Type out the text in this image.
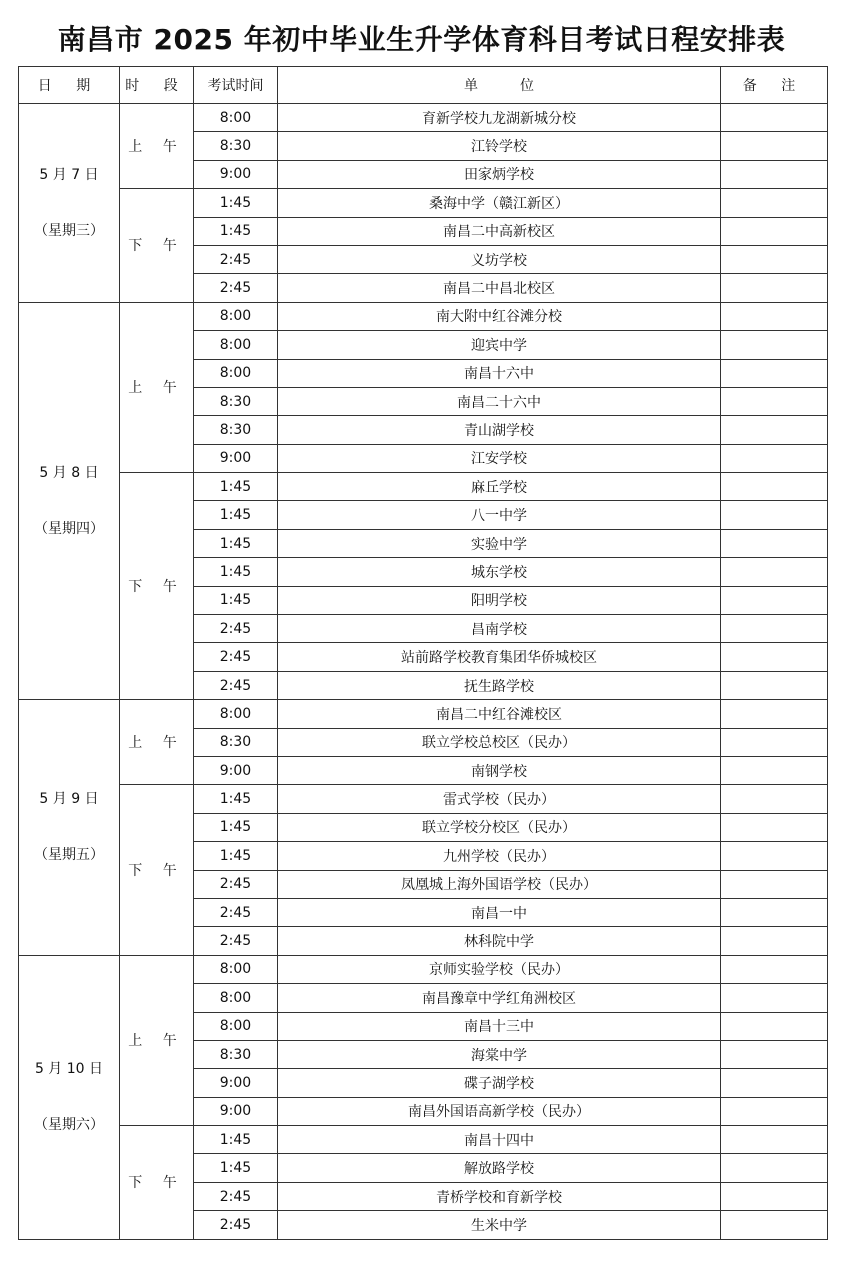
南昌市 2025 年初中毕业生升学体育科目考试日程安排表
日 期	时 段	考试时间	单　　　位	备 注

5 月 7 日
（星期三）	上 午	8:00	育新学校九龙湖新城分校	
		8:30	江铃学校	
		9:00	田家炳学校	
	下 午	1:45	桑海中学（赣江新区）	
		1:45	南昌二中高新校区	
		2:45	义坊学校	
		2:45	南昌二中昌北校区	

5 月 8 日
（星期四）	上 午	8:00	南大附中红谷滩分校	
		8:00	迎宾中学	
		8:00	南昌十六中	
		8:30	南昌二十六中	
		8:30	青山湖学校	
		9:00	江安学校	
	下 午	1:45	麻丘学校	
		1:45	八一中学	
		1:45	实验中学	
		1:45	城东学校	
		1:45	阳明学校	
		2:45	昌南学校	
		2:45	站前路学校教育集团华侨城校区	
		2:45	抚生路学校	

5 月 9 日
（星期五）	上 午	8:00	南昌二中红谷滩校区	
		8:30	联立学校总校区（民办）	
		9:00	南钢学校	
	下 午	1:45	雷式学校（民办）	
		1:45	联立学校分校区（民办）	
		1:45	九州学校（民办）	
		2:45	凤凰城上海外国语学校（民办）	
		2:45	南昌一中	
		2:45	林科院中学	

5 月 10 日
（星期六）	上 午	8:00	京师实验学校（民办）	
		8:00	南昌豫章中学红角洲校区	
		8:00	南昌十三中	
		8:30	海棠中学	
		9:00	碟子湖学校	
		9:00	南昌外国语高新学校（民办）	
	下 午	1:45	南昌十四中	
		1:45	解放路学校	
		2:45	青桥学校和育新学校	
		2:45	生米中学	
